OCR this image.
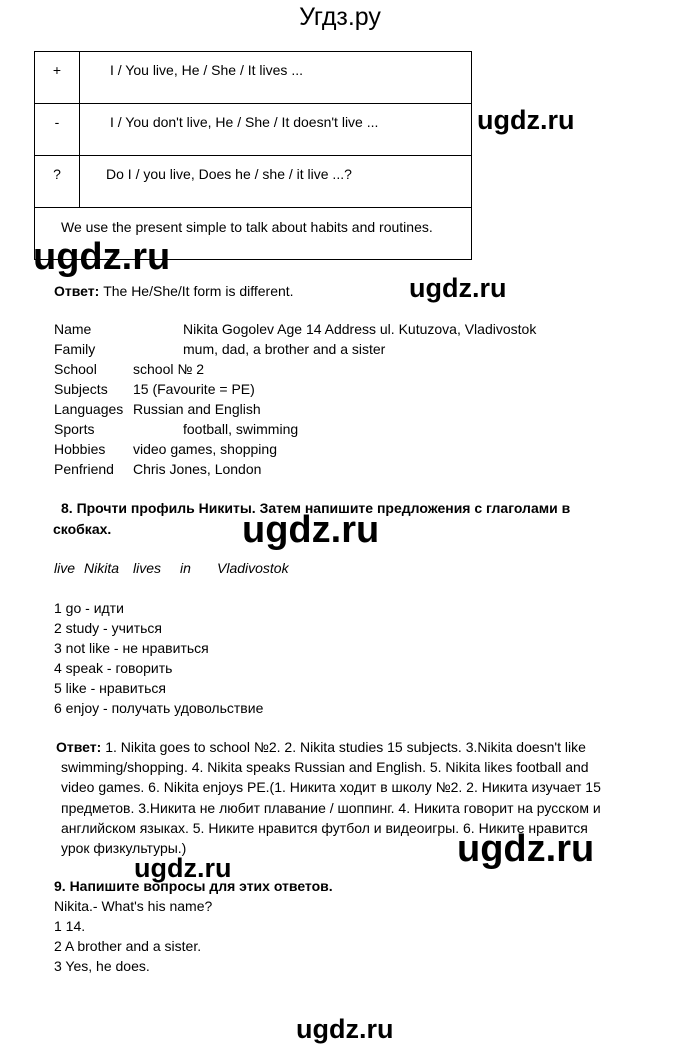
Угдз.ру
+	I / You live, He / She / It lives ...
-	I / You don't live, He / She / It doesn't live ...
?	Do I / you live, Does he / she / it live ...?
We use the present simple to talk about habits and routines.	
ugdz.ru
ugdz.ru
ugdz.ru
ugdz.ru
ugdz.ru	ugdz.ru
ugdz.ru
Ответ: The He/She/It form is different.
Name	Nikita Gogolev Age 14 Address ul. Kutuzova, Vladivostok
Family	mum, dad, a brother and a sister
School	school № 2
Subjects 15 (Favourite = PE)
Languages Russian and English
Sports	football, swimming
Hobbies video games, shopping
Penfriend Chris Jones, London
8. Прочти профиль Никиты. Затем напишите предложения с глаголами в
скобках.
live Nikita lives in Vladivostok
1 go - идти
2 study - учиться
3 not like - не нравиться
4 speak - говорить
5 like - нравиться
6 enjoy - получать удовольствие
Ответ: 1. Nikita goes to school №2. 2. Nikita studies 15 subjects. 3.Nikita doesn't like
swimming/shopping. 4. Nikita speaks Russian and English. 5. Nikita likes football and
video games. 6. Nikita enjoys PE.(1. Никита ходит в школу №2. 2. Никита изучает 15
предметов. 3.Никита не любит плавание / шоппинг. 4. Никита говорит на русском и
английском языках. 5. Никите нравится футбол и видеоигры. 6. Никите нравится
урок физкультуры.)
9. Напишите вопросы для этих ответов.
Nikita.- What's his name?
1 14.
2 A brother and a sister.
3 Yes, he does.
